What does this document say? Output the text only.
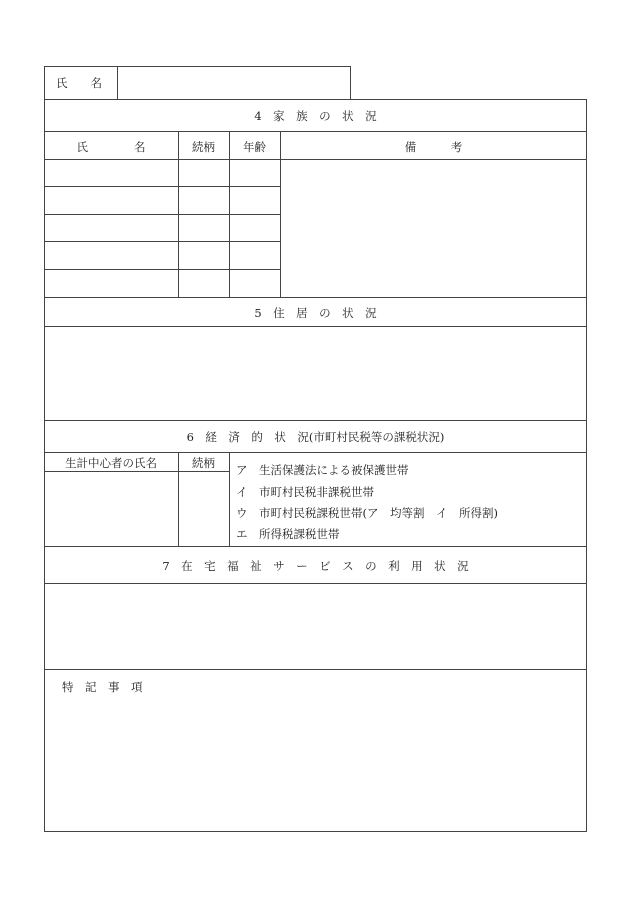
氏　　名
4　家　族　の　状　況
氏　　　　名	続柄	年齢	備　　　考
5　住　居　の　状　況
6　経　済　的　状　況(市町村民税等の課税状況)
生計中心者の氏名	続柄	ア　生活保護法による被保護世帯
イ　市町村民税非課税世帯
ウ　市町村民税課税世帯(ア　均等割　イ　所得割)
エ　所得税課税世帯
7　在　宅　福　祉　サ　ー　ビ　ス　の　利　用　状　況
特　記　事　項
